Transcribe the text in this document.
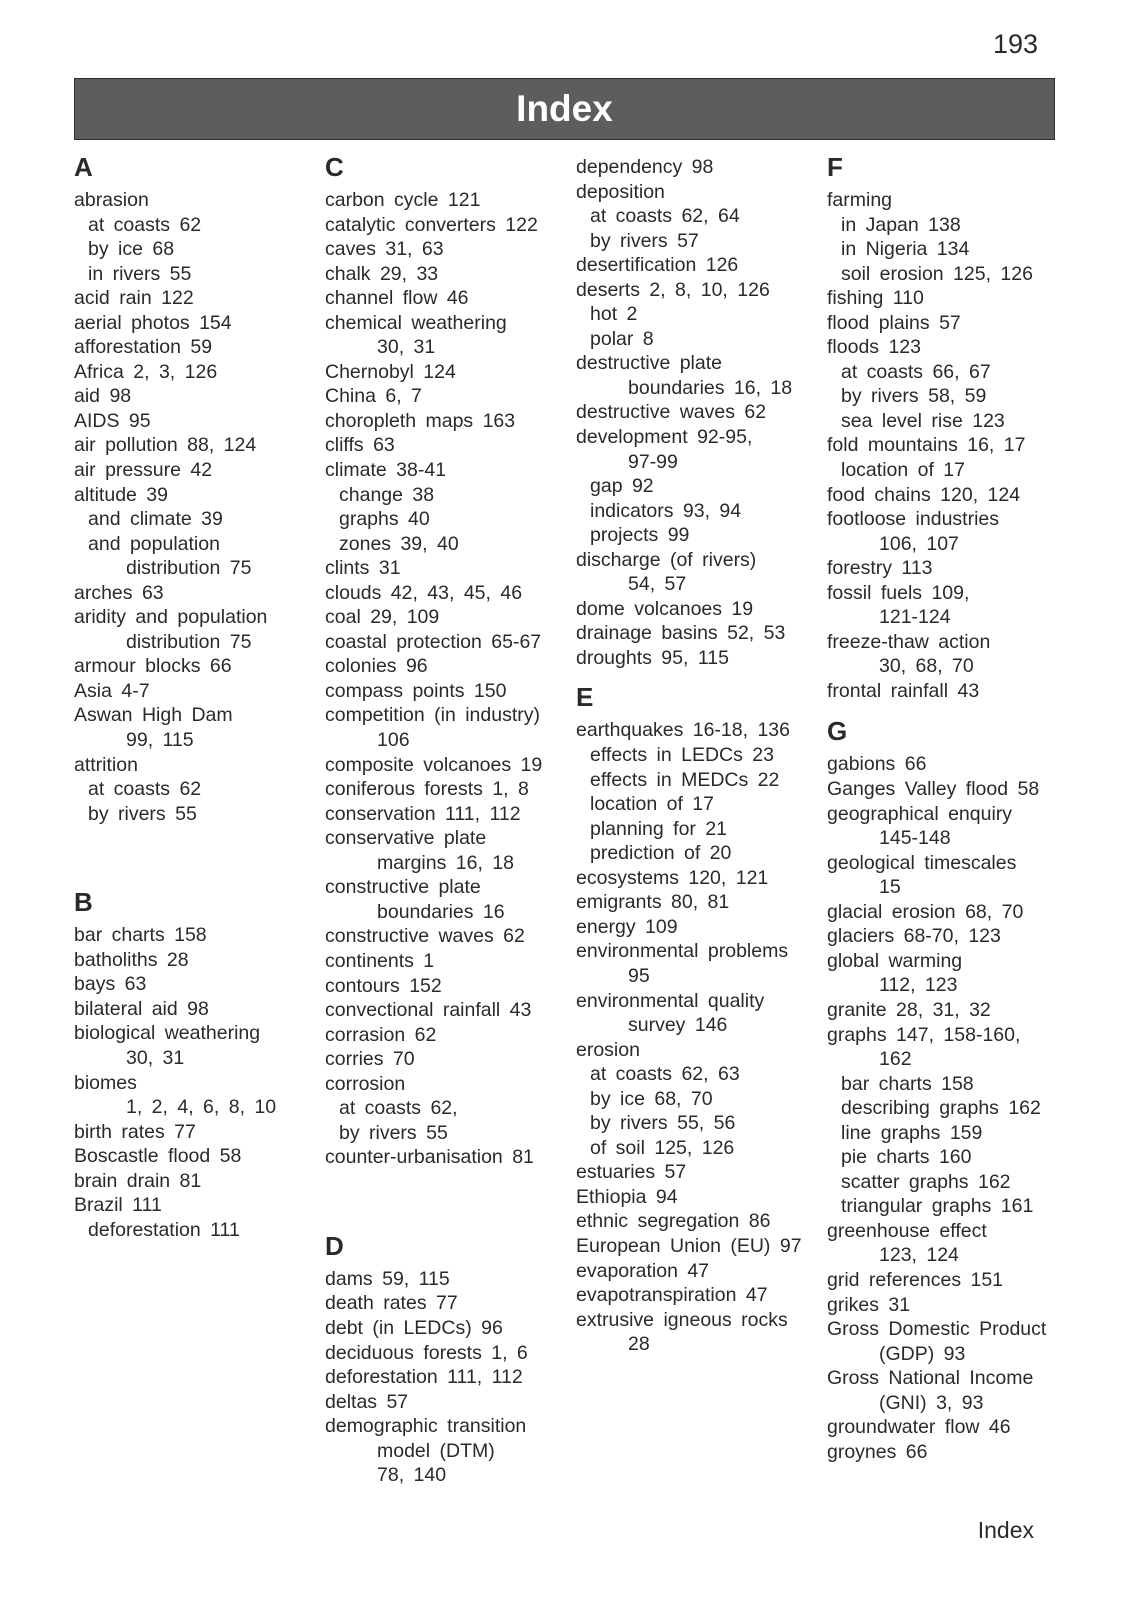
193
Index
A
abrasion
at coasts 62
by ice 68
in rivers 55
acid rain 122
aerial photos 154
afforestation 59
Africa 2, 3, 126
aid 98
AIDS 95
air pollution 88, 124
air pressure 42
altitude 39
and climate 39
and population
distribution 75
arches 63
aridity and population
distribution 75
armour blocks 66
Asia 4-7
Aswan High Dam
99, 115
attrition
at coasts 62
by rivers 55
B
bar charts 158
batholiths 28
bays 63
bilateral aid 98
biological weathering
30, 31
biomes
1, 2, 4, 6, 8, 10
birth rates 77
Boscastle flood 58
brain drain 81
Brazil 111
deforestation 111
C
carbon cycle 121
catalytic converters 122
caves 31, 63
chalk 29, 33
channel flow 46
chemical weathering
30, 31
Chernobyl 124
China 6, 7
choropleth maps 163
cliffs 63
climate 38-41
change 38
graphs 40
zones 39, 40
clints 31
clouds 42, 43, 45, 46
coal 29, 109
coastal protection 65-67
colonies 96
compass points 150
competition (in industry)
106
composite volcanoes 19
coniferous forests 1, 8
conservation 111, 112
conservative plate
margins 16, 18
constructive plate
boundaries 16
constructive waves 62
continents 1
contours 152
convectional rainfall 43
corrasion 62
corries 70
corrosion
at coasts 62,
by rivers 55
counter-urbanisation 81
D
dams 59, 115
death rates 77
debt (in LEDCs) 96
deciduous forests 1, 6
deforestation 111, 112
deltas 57
demographic transition
model (DTM)
78, 140
dependency 98
deposition
at coasts 62, 64
by rivers 57
desertification 126
deserts 2, 8, 10, 126
hot 2
polar 8
destructive plate
boundaries 16, 18
destructive waves 62
development 92-95,
97-99
gap 92
indicators 93, 94
projects 99
discharge (of rivers)
54, 57
dome volcanoes 19
drainage basins 52, 53
droughts 95, 115
E
earthquakes 16-18, 136
effects in LEDCs 23
effects in MEDCs 22
location of 17
planning for 21
prediction of 20
ecosystems 120, 121
emigrants 80, 81
energy 109
environmental problems
95
environmental quality
survey 146
erosion
at coasts 62, 63
by ice 68, 70
by rivers 55, 56
of soil 125, 126
estuaries 57
Ethiopia 94
ethnic segregation 86
European Union (EU) 97
evaporation 47
evapotranspiration 47
extrusive igneous rocks
28
F
farming
in Japan 138
in Nigeria 134
soil erosion 125, 126
fishing 110
flood plains 57
floods 123
at coasts 66, 67
by rivers 58, 59
sea level rise 123
fold mountains 16, 17
location of 17
food chains 120, 124
footloose industries
106, 107
forestry 113
fossil fuels 109,
121-124
freeze-thaw action
30, 68, 70
frontal rainfall 43
G
gabions 66
Ganges Valley flood 58
geographical enquiry
145-148
geological timescales
15
glacial erosion 68, 70
glaciers 68-70, 123
global warming
112, 123
granite 28, 31, 32
graphs 147, 158-160,
162
bar charts 158
describing graphs 162
line graphs 159
pie charts 160
scatter graphs 162
triangular graphs 161
greenhouse effect
123, 124
grid references 151
grikes 31
Gross Domestic Product
(GDP) 93
Gross National Income
(GNI) 3, 93
groundwater flow 46
groynes 66
Index
